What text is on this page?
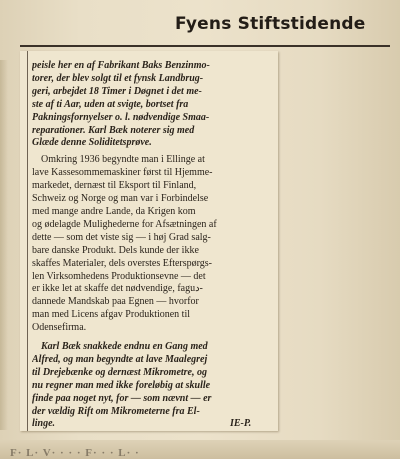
Fyens Stiftstidende

peisle her en af Fabrikant Baks Benzinmo-
torer, der blev solgt til et fynsk Landbrug-
geri, arbejdet 18 Timer i Døgnet i det me-
ste af ti Aar, uden at svigte, bortset fra
Pakningsfornyelser o. l. nødvendige Smaa-
reparationer. Karl Bæk noterer sig med
Glæde denne Soliditetsprøve.

Omkring 1936 begyndte man i Ellinge at
lave Kassesommemaskiner først til Hjemme-
markedet, dernæst til Eksport til Finland,
Schweiz og Norge og man var i Forbindelse
med mange andre Lande, da Krigen kom
og ødelagde Mulighederne for Afsætningen af
dette — som det viste sig — i høj Grad salg-
bare danske Produkt. Dels kunde der ikke
skaffes Materialer, dels overstes Efterspørgs-
len Virksomhedens Produktionsevne — det
er ikke let at skaffe det nødvendige, faguد-
dannede Mandskab paa Egnen — hvorfor
man med Licens afgav Produktionen til
Odensefirma.

Karl Bæk snakkede endnu en Gang med
Alfred, og man begyndte at lave Maalegrej
til Drejebænke og dernæst Mikrometre, og
nu regner man med ikke foreløbig at skulle
finde paa noget nyt, for — som nævnt — er
der vældig Rift om Mikrometerne fra El-
linge.	IE-P.

F· L· V· · · · F· · · L· ·
